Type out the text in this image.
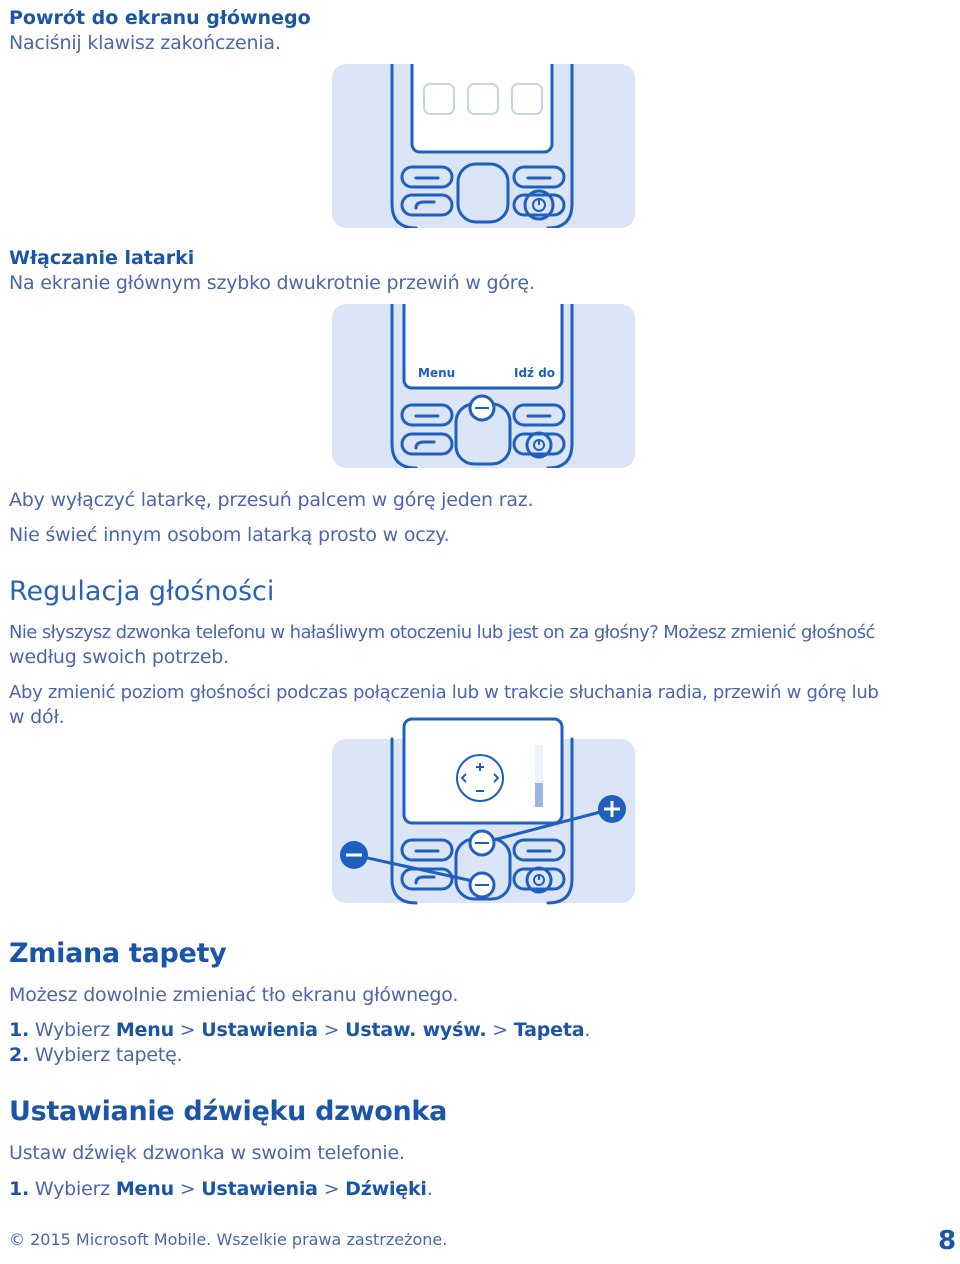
Powrót do ekranu głównego
Naciśnij klawisz zakończenia.
Włączanie latarki
Na ekranie głównym szybko dwukrotnie przewiń w górę.
Menu	Idź do
Aby wyłączyć latarkę, przesuń palcem w górę jeden raz.
Nie świeć innym osobom latarką prosto w oczy.
Regulacja głośności
Nie słyszysz dzwonka telefonu w hałaśliwym otoczeniu lub jest on za głośny? Możesz zmienić głośność
według swoich potrzeb.
Aby zmienić poziom głośności podczas połączenia lub w trakcie słuchania radia, przewiń w górę lub
w dół.
Zmiana tapety
Możesz dowolnie zmieniać tło ekranu głównego.
1. Wybierz Menu > Ustawienia > Ustaw. wyśw. > Tapeta.
2. Wybierz tapetę.
Ustawianie dźwięku dzwonka
Ustaw dźwięk dzwonka w swoim telefonie.
1. Wybierz Menu > Ustawienia > Dźwięki.
© 2015 Microsoft Mobile. Wszelkie prawa zastrzeżone.	8
